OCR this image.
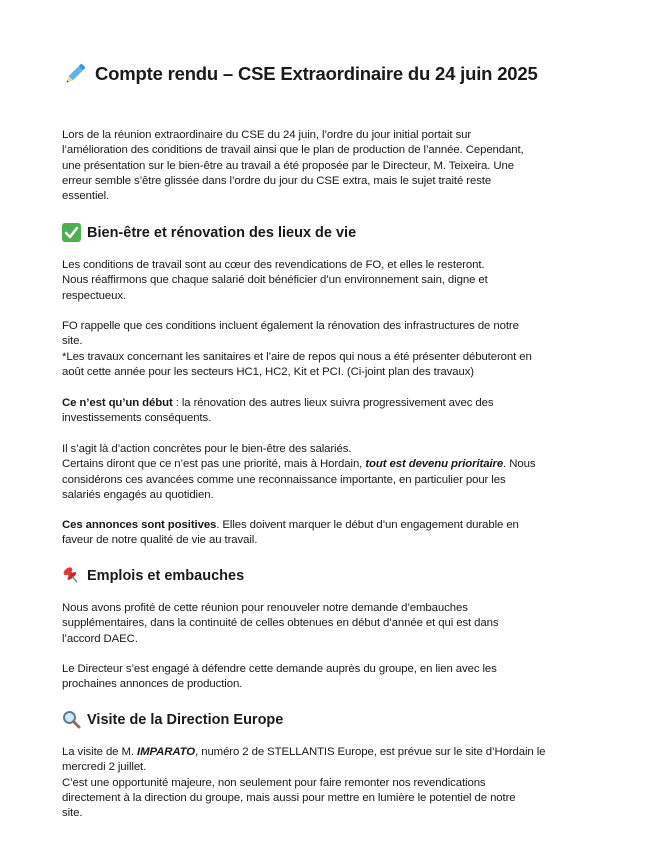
Compte rendu – CSE Extraordinaire du 24 juin 2025
Lors de la réunion extraordinaire du CSE du 24 juin, l’ordre du jour initial portait sur
l’amélioration des conditions de travail ainsi que le plan de production de l’année. Cependant,
une présentation sur le bien-être au travail a été proposée par le Directeur, M. Teixeira. Une
erreur semble s’être glissée dans l’ordre du jour du CSE extra, mais le sujet traité reste
essentiel.
Bien-être et rénovation des lieux de vie
Les conditions de travail sont au cœur des revendications de FO, et elles le resteront.
Nous réaffirmons que chaque salarié doit bénéficier d’un environnement sain, digne et
respectueux.
FO rappelle que ces conditions incluent également la rénovation des infrastructures de notre
site.
*Les travaux concernant les sanitaires et l’aire de repos qui nous a été présenter débuteront en
août cette année pour les secteurs HC1, HC2, Kit et PCI. (Ci-joint plan des travaux)
Ce n’est qu’un début : la rénovation des autres lieux suivra progressivement avec des
investissements conséquents.
Il s’agit là d’action concrètes pour le bien-être des salariés.
Certains diront que ce n’est pas une priorité, mais à Hordain, tout est devenu prioritaire. Nous
considérons ces avancées comme une reconnaissance importante, en particulier pour les
salariés engagés au quotidien.
Ces annonces sont positives. Elles doivent marquer le début d’un engagement durable en
faveur de notre qualité de vie au travail.
Emplois et embauches
Nous avons profité de cette réunion pour renouveler notre demande d’embauches
supplémentaires, dans la continuité de celles obtenues en début d’année et qui est dans
l’accord DAEC.
Le Directeur s’est engagé à défendre cette demande auprès du groupe, en lien avec les
prochaines annonces de production.
Visite de la Direction Europe
La visite de M. IMPARATO, numéro 2 de STELLANTIS Europe, est prévue sur le site d’Hordain le
mercredi 2 juillet.
C’est une opportunité majeure, non seulement pour faire remonter nos revendications
directement à la direction du groupe, mais aussi pour mettre en lumière le potentiel de notre
site.
